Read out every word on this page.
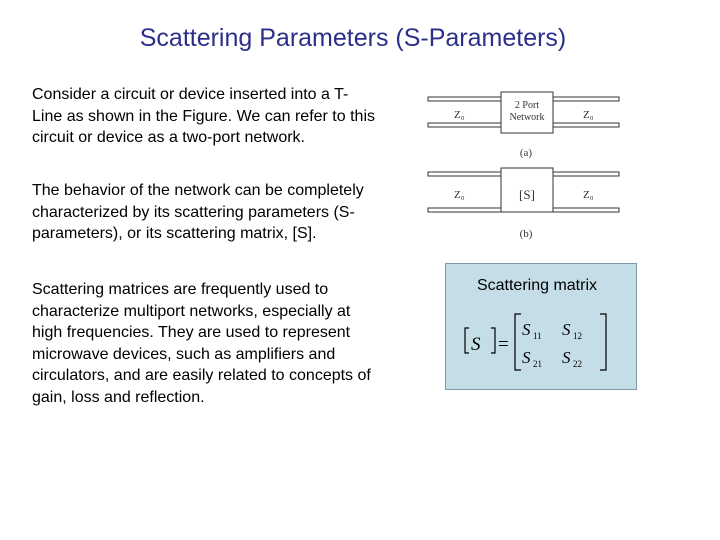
Scattering Parameters (S-Parameters)
Consider a circuit or device inserted into a T-Line as shown in the Figure. We can refer to this circuit or device as a two-port network.
The behavior of the network can be completely characterized by its scattering parameters (S-parameters), or its scattering matrix, [S].
Scattering matrices are frequently used to characterize multiport networks, especially at high frequencies. They are used to represent microwave devices, such as amplifiers and circulators, and are easily related to concepts of gain, loss and reflection.
Z₀	Z₀
2 Port
Network
(a)
Z₀	Z₀
[S]
(b)
Scattering matrix
S =
S 11 S 12
S 21 S 22
